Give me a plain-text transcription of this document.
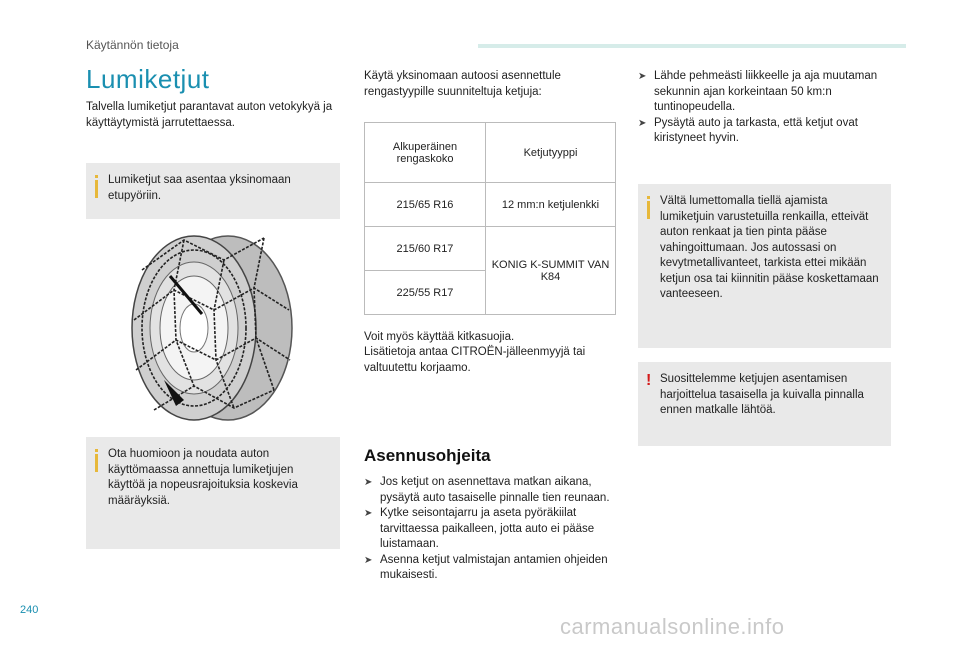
Käytännön tietoja
Lumiketjut

Talvella lumiketjut parantavat auton vetokykyä ja käyttäytymistä jarrutettaessa.

Lumiketjut saa asentaa yksinomaan etupyöriin.
Ota huomioon ja noudata auton käyttömaassa annettuja lumiketjujen käyttöä ja nopeusrajoituksia koskevia määräyksiä.

Käytä yksinomaan autoosi asennettule rengastyypille suunniteltuja ketjuja:

Alkuperäinen rengaskoko	Ketjutyyppi
215/65 R16	12 mm:n ketjulenkki
215/60 R17	KONIG K-SUMMIT VAN K84
225/55 R17	

Voit myös käyttää kitkasuojia.

Lisätietoja antaa CITROËN-jälleenmyyjä tai valtuutettu korjaamo.

Asennusohjeita
➤ Jos ketjut on asennettava matkan aikana, pysäytä auto tasaiselle pinnalle tien reunaan.
➤ Kytke seisontajarru ja aseta pyöräkiilat tarvittaessa paikalleen, jotta auto ei pääse luistamaan.
➤ Asenna ketjut valmistajan antamien ohjeiden mukaisesti.
➤ Lähde pehmeästi liikkeelle ja aja muutaman sekunnin ajan korkeintaan 50 km:n tuntinopeudella.
➤ Pysäytä auto ja tarkasta, että ketjut ovat kiristyneet hyvin.
Vältä lumettomalla tiellä ajamista lumiketjuin varustetuilla renkailla, etteivät auton renkaat ja tien pinta pääse vahingoittumaan. Jos autossasi on kevytmetallivanteet, tarkista ettei mikään ketjun osa tai kiinnitin pääse koskettamaan vanteeseen.
! Suosittelemme ketjujen asentamisen harjoittelua tasaisella ja kuivalla pinnalla ennen matkalle lähtöä.
240
carmanualsonline.info
